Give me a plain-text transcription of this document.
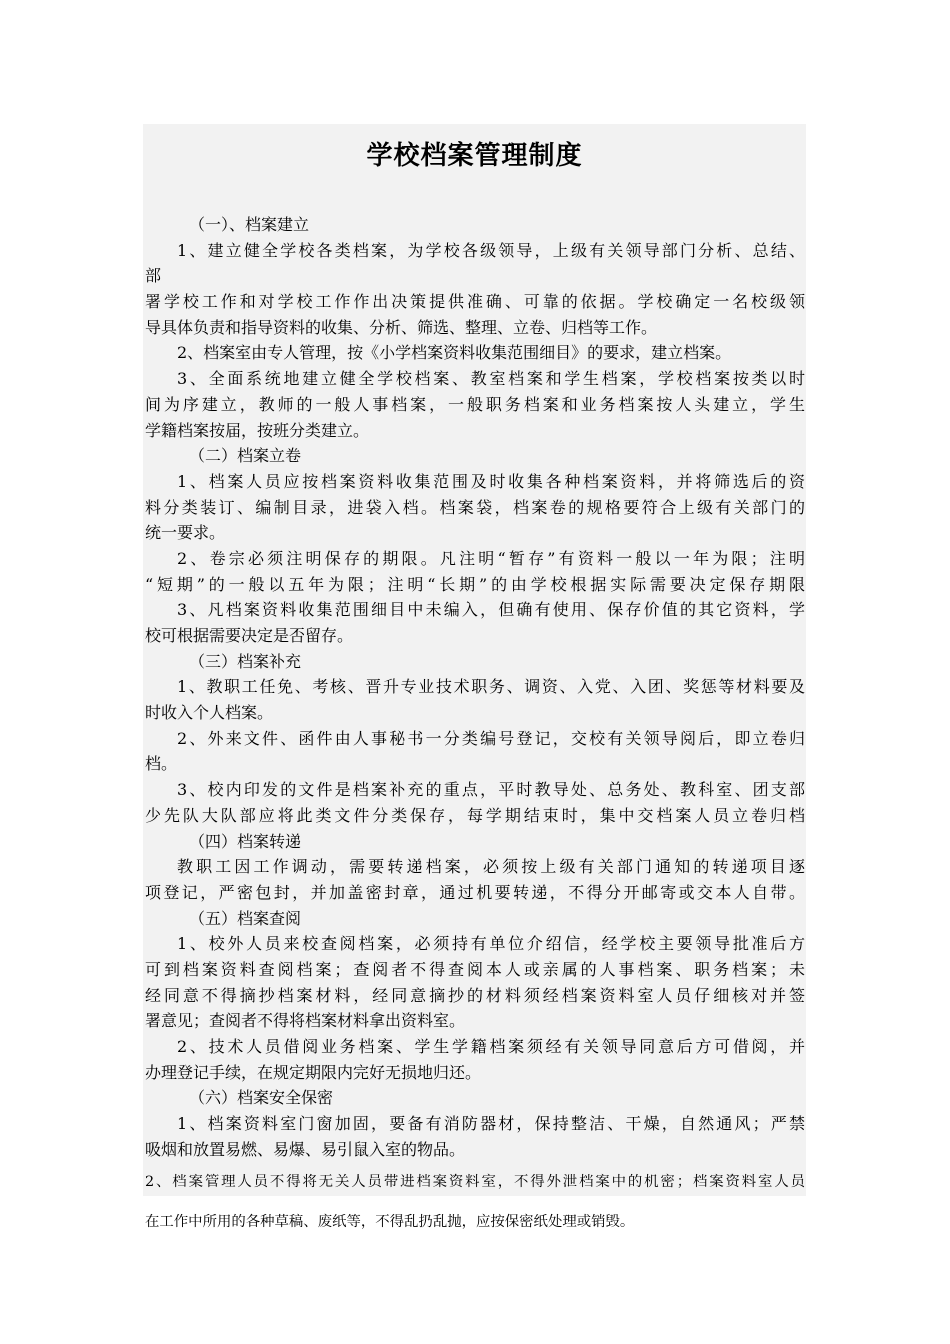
学校档案管理制度
（一）、档案建立
1、建立健全学校各类档案，为学校各级领导，上级有关领导部门分析、总结、
部
署学校工作和对学校工作作出决策提供准确、可靠的依据。学校确定一名校级领
导具体负责和指导资料的收集、分析、筛选、整理、立卷、归档等工作。
2、档案室由专人管理，按《小学档案资料收集范围细目》的要求，建立档案。
3、全面系统地建立健全学校档案、教室档案和学生档案，学校档案按类以时
间为序建立，教师的一般人事档案，一般职务档案和业务档案按人头建立，学生
学籍档案按届，按班分类建立。
（二）档案立卷
1、档案人员应按档案资料收集范围及时收集各种档案资料，并将筛选后的资
料分类装订、编制目录，进袋入档。档案袋，档案卷的规格要符合上级有关部门的
统一要求。
2、卷宗必须注明保存的期限。凡注明“暂存”有资料一般以一年为限；注明
“短期”的一般以五年为限；注明“长期”的由学校根据实际需要决定保存期限
3、凡档案资料收集范围细目中未编入，但确有使用、保存价值的其它资料，学
校可根据需要决定是否留存。
（三）档案补充
1、教职工任免、考核、晋升专业技术职务、调资、入党、入团、奖惩等材料要及
时收入个人档案。
2、外来文件、函件由人事秘书一分类编号登记，交校有关领导阅后，即立卷归
档。
3、校内印发的文件是档案补充的重点，平时教导处、总务处、教科室、团支部
少先队大队部应将此类文件分类保存，每学期结束时，集中交档案人员立卷归档
（四）档案转递
教职工因工作调动，需要转递档案，必须按上级有关部门通知的转递项目逐
项登记，严密包封，并加盖密封章，通过机要转递，不得分开邮寄或交本人自带。
（五）档案查阅
1、校外人员来校查阅档案，必须持有单位介绍信，经学校主要领导批准后方
可到档案资料查阅档案；查阅者不得查阅本人或亲属的人事档案、职务档案；未
经同意不得摘抄档案材料，经同意摘抄的材料须经档案资料室人员仔细核对并签
署意见；查阅者不得将档案材料拿出资料室。
2、技术人员借阅业务档案、学生学籍档案须经有关领导同意后方可借阅，并
办理登记手续，在规定期限内完好无损地归还。
（六）档案安全保密
1、档案资料室门窗加固，要备有消防器材，保持整洁、干燥，自然通风；严禁
吸烟和放置易燃、易爆、易引鼠入室的物品。
2、档案管理人员不得将无关人员带进档案资料室，不得外泄档案中的机密；档案资料室人员
在工作中所用的各种草稿、废纸等，不得乱扔乱抛，应按保密纸处理或销毁。
